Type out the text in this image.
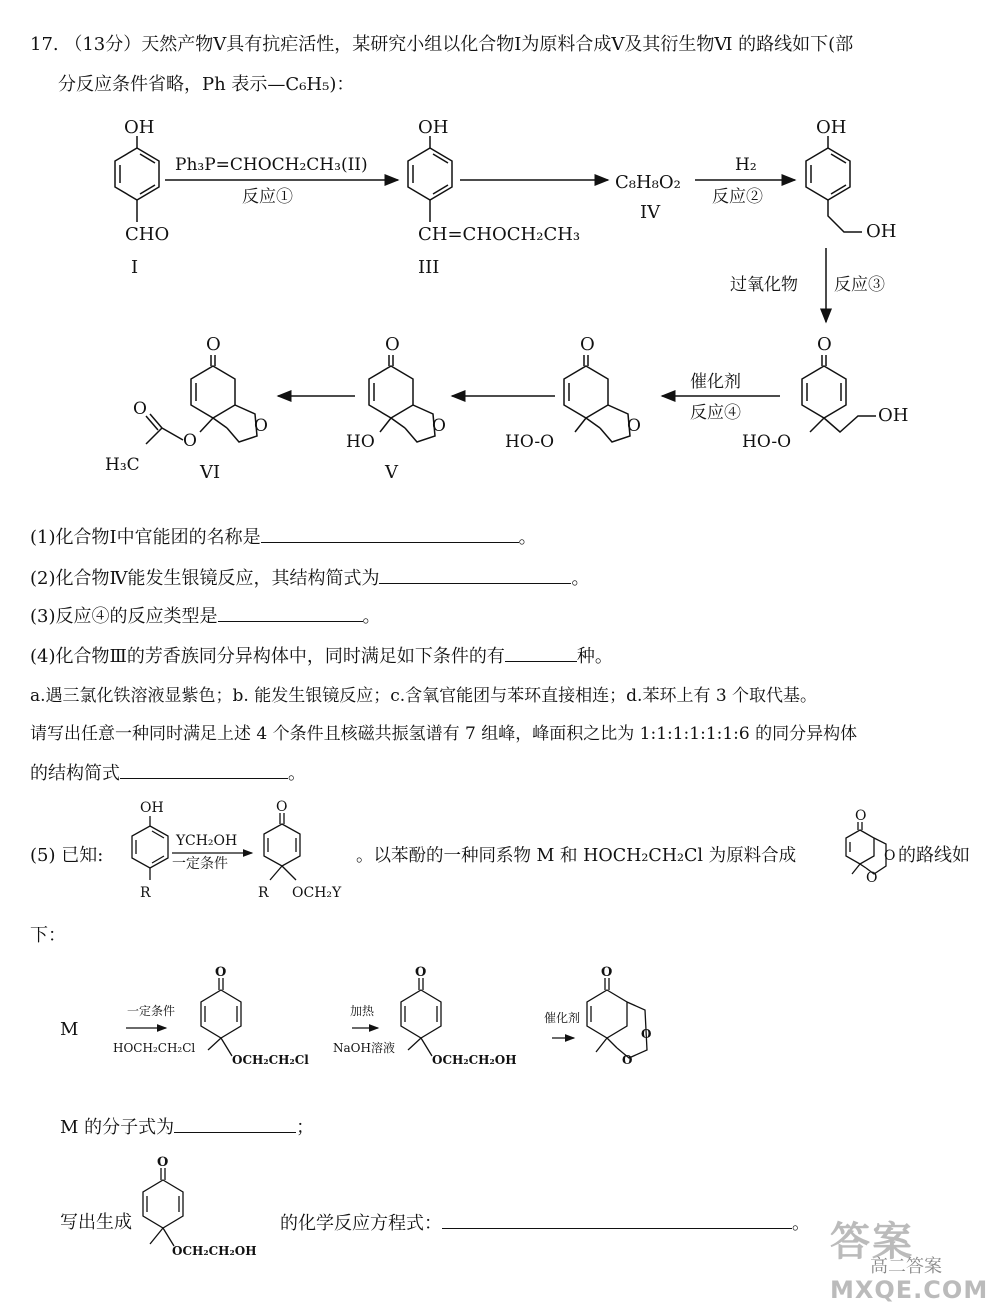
17. （13分）天然产物Ⅴ具有抗疟活性，某研究小组以化合物Ⅰ为原料合成Ⅴ及其衍生物Ⅵ 的路线如下(部
分反应条件省略，Ph 表示—C₆H₅)：
OH
CHO
I
Ph₃P=CHOCH₂CH₃(II)
反应①
OH
CH=CHOCH₂CH₃
III
C₈H₈O₂
IV
H₂
反应②
OH
OH
过氧化物 反应③
O
OH
HO-O
催化剂
反应④
O
O
HO-O
O
O
HO
V
O
O
O
O
H₃C	VI
(1)化合物Ⅰ中官能团的名称是	。
(2)化合物Ⅳ能发生银镜反应，其结构简式为	。
(3)反应④的反应类型是	。
(4)化合物Ⅲ的芳香族同分异构体中，同时满足如下条件的有	种。
a.遇三氯化铁溶液显紫色；b. 能发生银镜反应；c.含氧官能团与苯环直接相连；d.苯环上有 3 个取代基。
请写出任意一种同时满足上述 4 个条件且核磁共振氢谱有 7 组峰，峰面积之比为 1:1:1:1:1:1:6 的同分异构体
的结构简式	。
(5) 已知:	。以苯酚的一种同系物 M 和 HOCH₂CH₂Cl 为原料合成	的路线如
下：
OH
R
YCH₂OH
一定条件
O
R OCH₂Y
O
O
O
M
一定条件
HOCH₂CH₂Cl
O
OCH₂CH₂Cl
加热
NaOH溶液
O
OCH₂CH₂OH
催化剂
O
O
O
O
OCH₂CH₂OH
M 的分子式为	；
写出生成	的化学反应方程式：	。 答案
高二答案
MXQE.COM
